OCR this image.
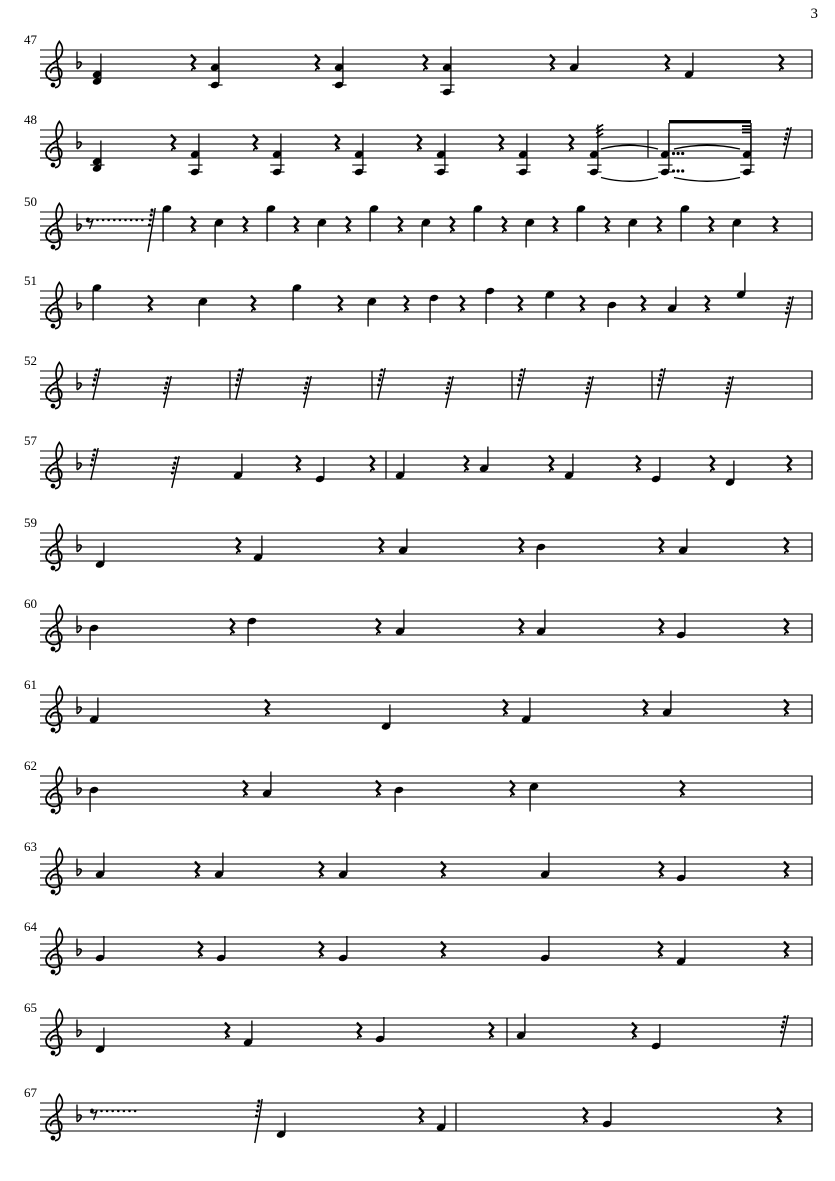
3
47
48
50
51
52
57
59
60
61
62
63
64
65
67
